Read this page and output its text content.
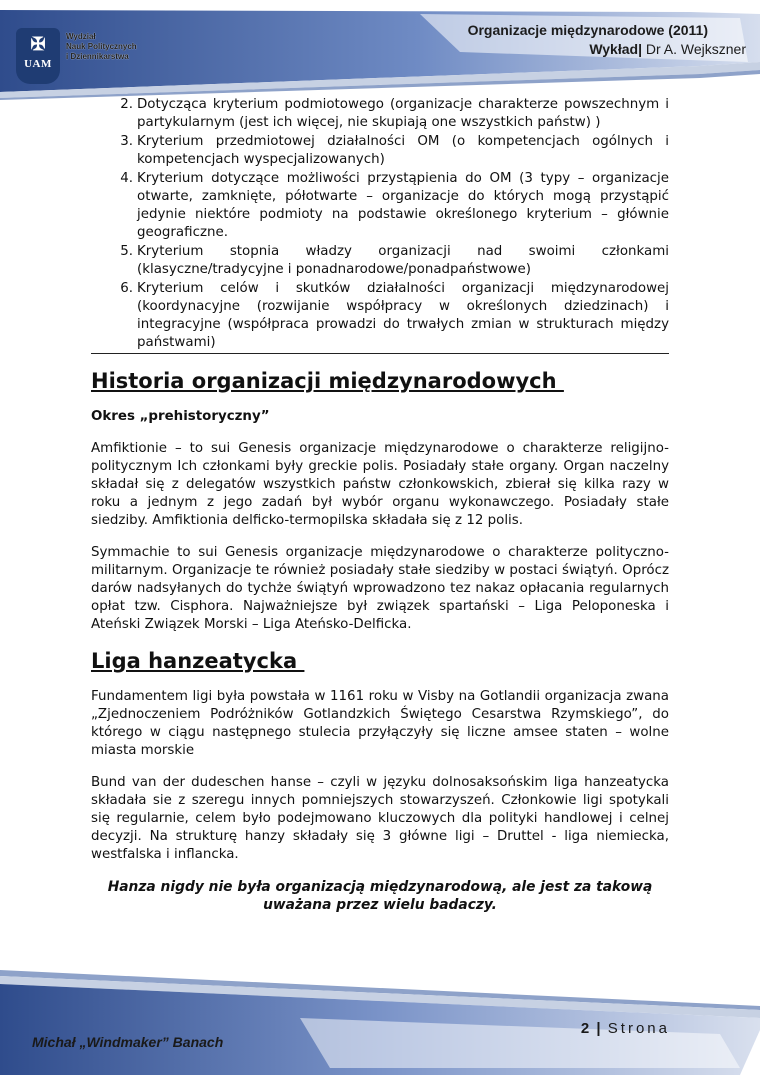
✠
UAM
Wydział
Nauk Politycznych
i Dziennikarstwa
Organizacje międzynarodowe (2011)
Wykład| Dr A. Wejkszner
2. Dotycząca kryterium podmiotowego (organizacje charakterze powszechnym i partykularnym (jest ich więcej, nie skupiają one wszystkich państw) )
3. Kryterium przedmiotowej działalności OM (o kompetencjach ogólnych i kompetencjach wyspecjalizowanych)
4. Kryterium dotyczące możliwości przystąpienia do OM (3 typy – organizacje otwarte, zamknięte, półotwarte – organizacje do których mogą przystąpić jedynie niektóre podmioty na podstawie określonego kryterium – głównie geograficzne.
5. Kryterium stopnia władzy organizacji nad swoimi członkami (klasyczne/tradycyjne i ponadnarodowe/ponadpaństwowe)
6. Kryterium celów i skutków działalności organizacji międzynarodowej (koordynacyjne (rozwijanie współpracy w określonych dziedzinach) i integracyjne (współpraca prowadzi do trwałych zmian w strukturach między państwami)
Historia organizacji międzynarodowych
Okres „prehistoryczny”

Amfiktionie – to sui Genesis organizacje międzynarodowe o charakterze religijno-politycznym Ich członkami były greckie polis. Posiadały stałe organy. Organ naczelny składał się z delegatów wszystkich państw członkowskich, zbierał się kilka razy w roku a jednym z jego zadań był wybór organu wykonawczego. Posiadały stałe siedziby. Amfiktionia delficko-termopilska składała się z 12 polis.

Symmachie to sui Genesis organizacje międzynarodowe o charakterze polityczno-militarnym. Organizacje te również posiadały stałe siedziby w postaci świątyń. Oprócz darów nadsyłanych do tychże świątyń wprowadzono tez nakaz opłacania regularnych opłat tzw. Cisphora. Najważniejsze był związek spartański – Liga Peloponeska i Ateński Związek Morski – Liga Ateńsko-Delficka.

Liga hanzeatycka

Fundamentem ligi była powstała w 1161 roku w Visby na Gotlandii organizacja zwana „Zjednoczeniem Podróżników Gotlandzkich Świętego Cesarstwa Rzymskiego”, do którego w ciągu następnego stulecia przyłączyły się liczne amsee staten – wolne miasta morskie

Bund van der dudeschen hanse – czyli w języku dolnosaksońskim liga hanzeatycka składała sie z szeregu innych pomniejszych stowarzyszeń. Członkowie ligi spotykali się regularnie, celem było podejmowano kluczowych dla polityki handlowej i celnej decyzji. Na strukturę hanzy składały się 3 główne ligi – Druttel - liga niemiecka, westfalska i inflancka.

Hanza nigdy nie była organizacją międzynarodową, ale jest za takową uważana przez wielu badaczy.
Michał „Windmaker” Banach
2 | Strona
